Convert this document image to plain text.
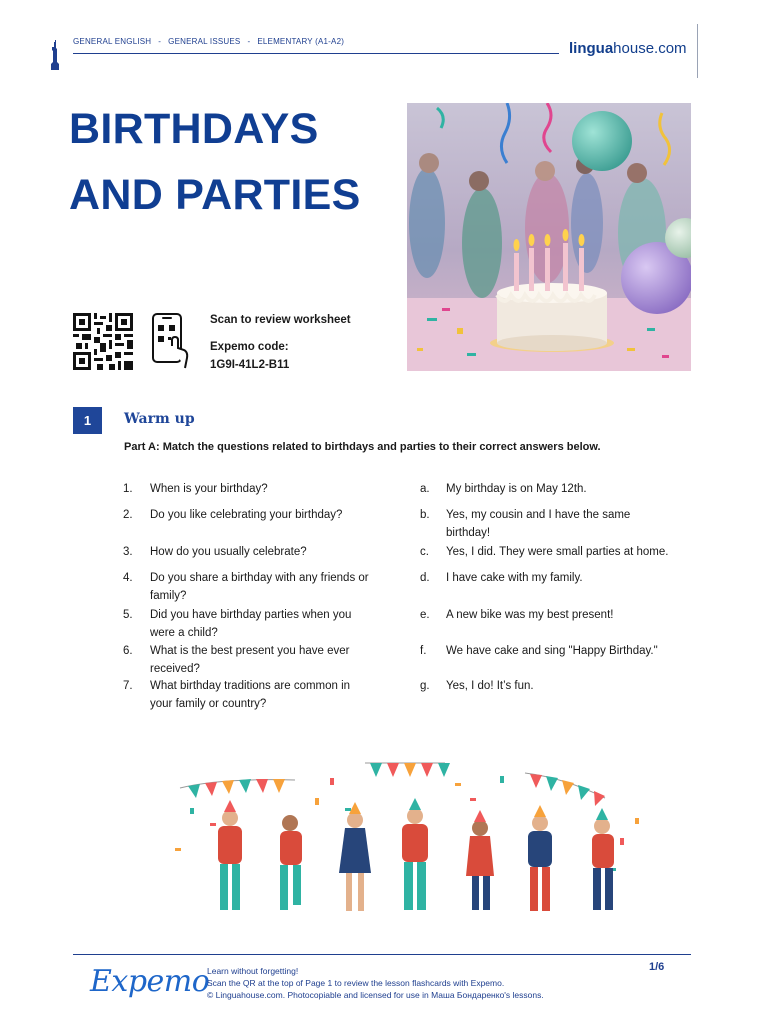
GENERAL ENGLISH - GENERAL ISSUES - ELEMENTARY (A1-A2)	linguahouse.com
BIRTHDAYS
AND PARTIES
Scan to review worksheet
Expemo code:
1G9I-41L2-B11
1	Warm up
Part A: Match the questions related to birthdays and parties to their correct answers below.
1. When is your birthday?
2. Do you like celebrating your birthday?
3. How do you usually celebrate?
4. Do you share a birthday with any friends or
family?
5. Did you have birthday parties when you
were a child?
6. What is the best present you have ever
received?
7. What birthday traditions are common in
your family or country?
a. My birthday is on May 12th.
b. Yes, my cousin and I have the same
birthday!
c. Yes, I did. They were small parties at home.
d. I have cake with my family.
e. A new bike was my best present!
f. We have cake and sing "Happy Birthday."
g. Yes, I do! It’s fun.
Expemo
Learn without forgetting!
Scan the QR at the top of Page 1 to review the lesson flashcards with Expemo.
© Linguahouse.com. Photocopiable and licensed for use in Маша Бондаренко's lessons.
1/6
